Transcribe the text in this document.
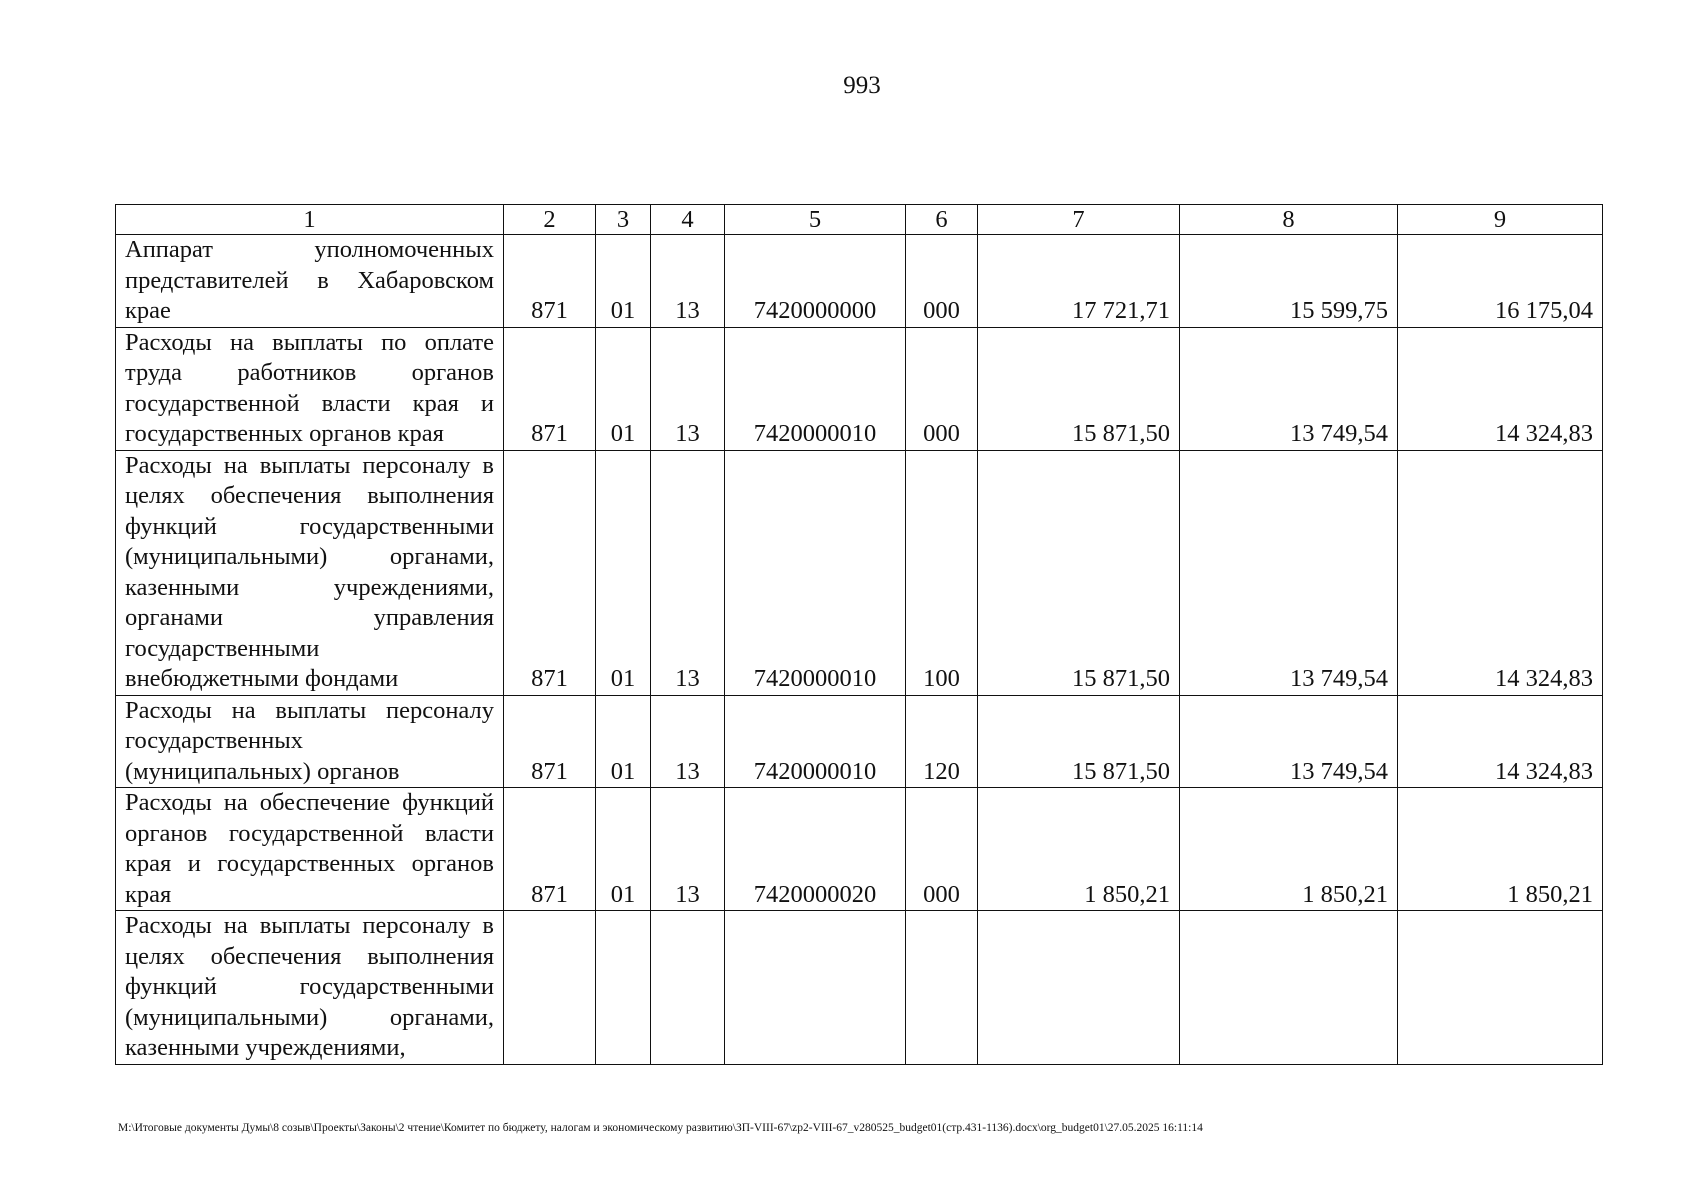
993
1	2	3	4	5	6	7	8	9
Аппарат уполномоченных представителей в Хабаровском крае	871	01	13	7420000000	000	17 721,71	15 599,75	16 175,04
Расходы на выплаты по оплате труда работников органов государственной власти края и государственных органов края	871	01	13	7420000010	000	15 871,50	13 749,54	14 324,83
Расходы на выплаты персоналу в целях обеспечения выполнения функций государственными (муниципальными) органами, казенными учреждениями, органами управления государственными внебюджетными фондами	871	01	13	7420000010	100	15 871,50	13 749,54	14 324,83
Расходы на выплаты персоналу государственных (муниципальных) органов	871	01	13	7420000010	120	15 871,50	13 749,54	14 324,83
Расходы на обеспечение функций органов государственной власти края и государственных органов края	871	01	13	7420000020	000	1 850,21	1 850,21	1 850,21
Расходы на выплаты персоналу в целях обеспечения выполнения функций государственными (муниципальными) органами, казенными учреждениями,								
M:\Итоговые документы Думы\8 созыв\Проекты\Законы\2 чтение\Комитет по бюджету, налогам и экономическому развитию\ЗП-VIII-67\zp2-VIII-67_v280525_budget01(стр.431-1136).docx\org_budget01\27.05.2025 16:11:14
